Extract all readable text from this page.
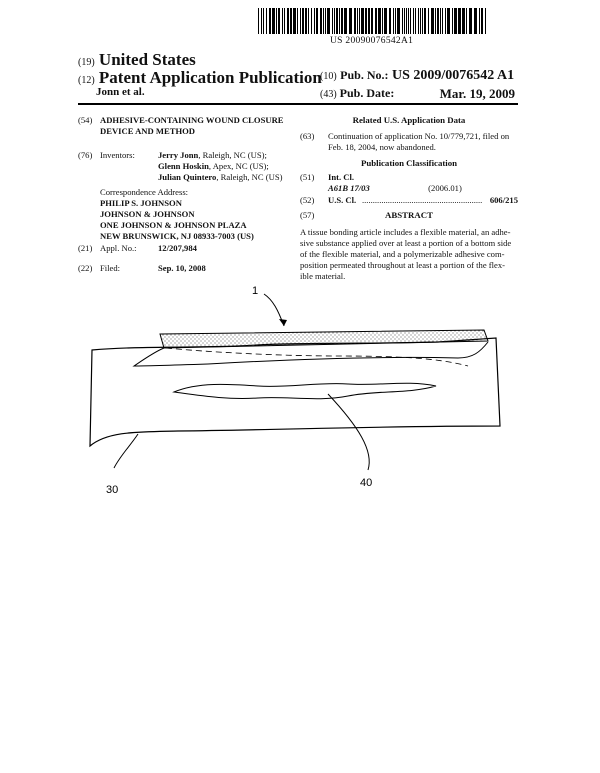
US 20090076542A1
(19) United States
(12) Patent Application Publication
Jonn et al.
(10) Pub. No.: US 2009/0076542 A1
(43) Pub. Date:	Mar. 19, 2009
(54) ADHESIVE-CONTAINING WOUND CLOSURE
DEVICE AND METHOD
(76) Inventors:	Jerry Jonn, Raleigh, NC (US);
Glenn Hoskin, Apex, NC (US);
Julian Quintero, Raleigh, NC (US)
Correspondence Address:
PHILIP S. JOHNSON
JOHNSON & JOHNSON
ONE JOHNSON & JOHNSON PLAZA
NEW BRUNSWICK, NJ 08933-7003 (US)
(21) Appl. No.: 12/207,984
(22) Filed:	Sep. 10, 2008
Related U.S. Application Data
(63) Continuation of application No. 10/779,721, filed on
Feb. 18, 2004, now abandoned.
Publication Classification
(51) Int. Cl.
A61B 17/03	(2006.01)
(52) U.S. Cl. ........................................................ 606/215
(57)	ABSTRACT
A tissue bonding article includes a flexible material, an adhe-
sive substance applied over at least a portion of a bottom side
of the flexible material, and a polymerizable adhesive com-
position permeated throughout at least a portion of the flex-
ible material.
1
30
40
